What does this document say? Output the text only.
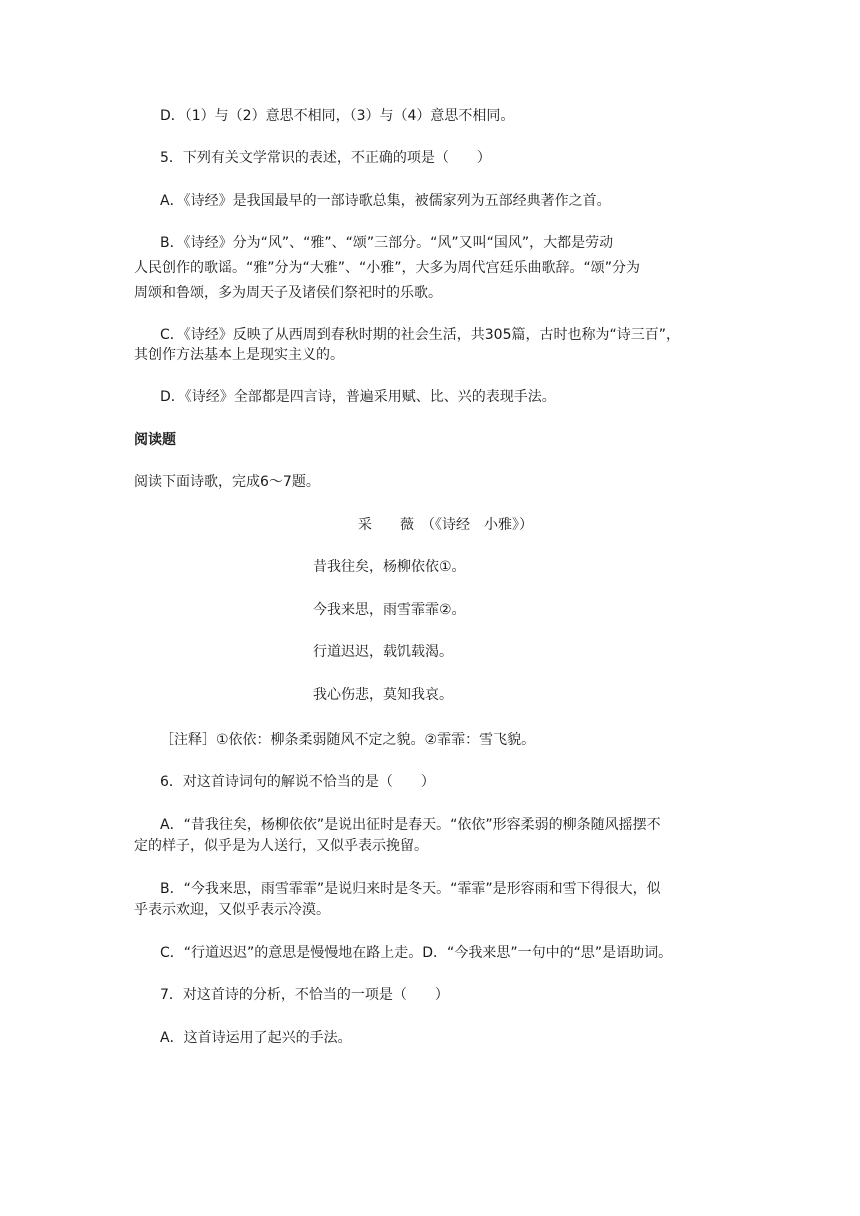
D．（1）与（2）意思不相同，（3）与（4）意思不相同。

5．下列有关文学常识的表述，不正确的项是（　　）

A．《诗经》是我国最早的一部诗歌总集，被儒家列为五部经典著作之首。

B．《诗经》分为“风”、“雅”、“颂”三部分。“风”又叫“国风”，大都是劳动

人民创作的歌谣。“雅”分为“大雅”、“小雅”，大多为周代宫廷乐曲歌辞。“颂”分为

周颂和鲁颂，多为周天子及诸侯们祭祀时的乐歌。

C．《诗经》反映了从西周到春秋时期的社会生活，共305篇，古时也称为“诗三百”，

其创作方法基本上是现实主义的。

D．《诗经》全部都是四言诗，普遍采用赋、比、兴的表现手法。

阅读题

阅读下面诗歌，完成6～7题。

采　　薇　（《诗经　小雅》）

昔我往矣，杨柳依依①。

今我来思，雨雪霏霏②。

行道迟迟，载饥载渴。

我心伤悲，莫知我哀。

［注释］①依依：柳条柔弱随风不定之貌。②霏霏：雪飞貌。

6．对这首诗词句的解说不恰当的是（　　）

A．“昔我往矣，杨柳依依”是说出征时是春天。“依依”形容柔弱的柳条随风摇摆不

定的样子，似乎是为人送行，又似乎表示挽留。

B．“今我来思，雨雪霏霏”是说归来时是冬天。“霏霏”是形容雨和雪下得很大，似

乎表示欢迎，又似乎表示冷漠。

C．“行道迟迟”的意思是慢慢地在路上走。D．“今我来思”一句中的“思”是语助词。

7．对这首诗的分析，不恰当的一项是（　　）

A．这首诗运用了起兴的手法。
